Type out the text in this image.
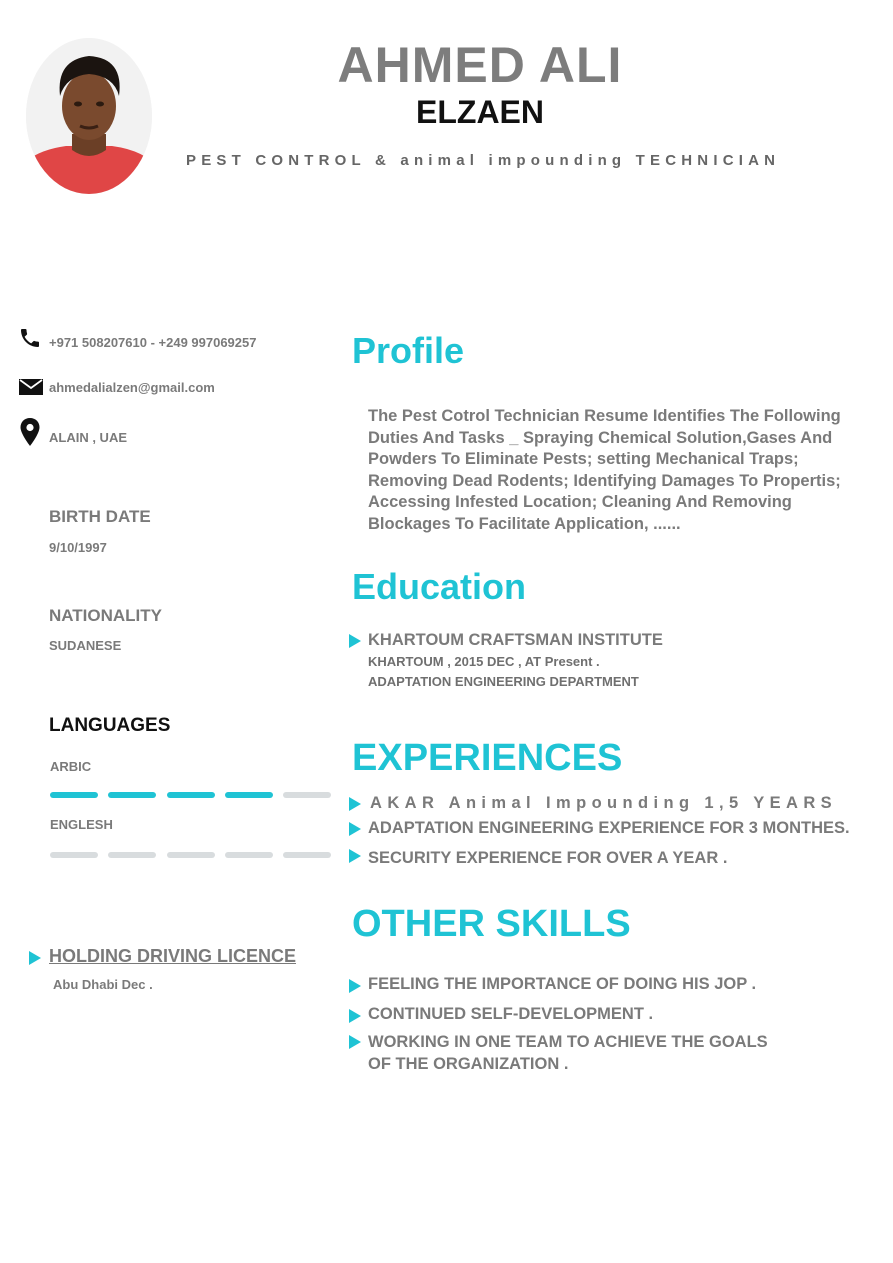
AHMED ALI
ELZAEN
PEST CONTROL & animal impounding TECHNICIAN
+971 508207610 - +249 997069257
ahmedalialzen@gmail.com
ALAIN , UAE
BIRTH DATE
9/10/1997
NATIONALITY
SUDANESE
LANGUAGES
ARBIC
ENGLESH
HOLDING DRIVING LICENCE
Abu Dhabi Dec .
Profile
The Pest Cotrol Technician Resume Identifies The Following Duties And Tasks _ Spraying Chemical Solution,Gases And Powders To Eliminate Pests; setting Mechanical Traps; Removing Dead Rodents; Identifying Damages To Propertis; Accessing Infested Location; Cleaning And Removing Blockages To Facilitate Application, ......
Education
KHARTOUM CRAFTSMAN INSTITUTE
KHARTOUM , 2015 DEC , AT Present .
ADAPTATION ENGINEERING DEPARTMENT
EXPERIENCES
AKAR Animal Impounding 1,5 YEARS
ADAPTATION ENGINEERING EXPERIENCE FOR 3 MONTHES.
SECURITY EXPERIENCE FOR OVER A YEAR .
OTHER SKILLS
FEELING THE IMPORTANCE OF DOING HIS JOP .
CONTINUED SELF-DEVELOPMENT .
WORKING IN ONE TEAM TO ACHIEVE THE GOALS
OF THE ORGANIZATION .
